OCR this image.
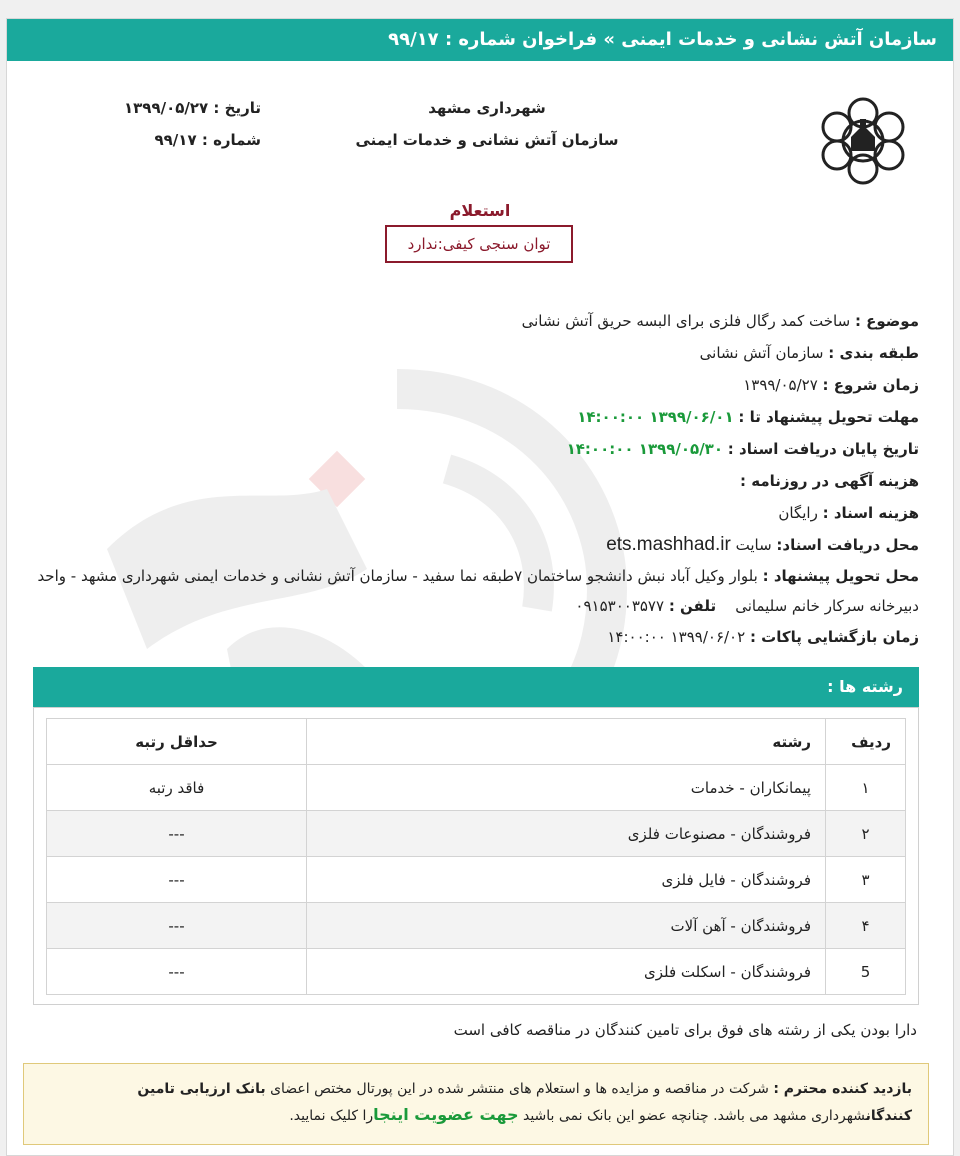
سازمان آتش نشانی و خدمات ایمنی » فراخوان شماره : ۹۹/۱۷
شهرداری مشهد
سازمان آتش نشانی و خدمات ایمنی
تاریخ : ۱۳۹۹/۰۵/۲۷
شماره : ۹۹/۱۷
استعلام
توان سنجی کیفی:ندارد
موضوع : ساخت کمد رگال فلزی برای البسه حریق آتش نشانی
طبقه بندی : سازمان آتش نشانی
زمان شروع : ۱۳۹۹/۰۵/۲۷
مهلت تحویل پیشنهاد تا : ۱۳۹۹/۰۶/۰۱ ۱۴:۰۰:۰۰
تاریخ پایان دریافت اسناد : ۱۳۹۹/۰۵/۳۰ ۱۴:۰۰:۰۰
هزینه آگهی در روزنامه :
هزینه اسناد : رایگان
محل دریافت اسناد: سایت ets.mashhad.ir
محل تحویل پیشنهاد : بلوار وکیل آباد نبش دانشجو ساختمان ۷طبقه نما سفید - سازمان آتش نشانی و خدمات ایمنی شهرداری مشهد - واحد دبیرخانه سرکار خانم سلیمانی    تلفن : ۰۹۱۵۳۰۰۳۵۷۷
زمان بازگشایی پاکات : ۱۳۹۹/۰۶/۰۲ ۱۴:۰۰:۰۰
رشته ها :
ردیف	رشته	حداقل رتبه
۱	پیمانکاران - خدمات	فاقد رتبه
۲	فروشندگان - مصنوعات فلزی	---
۳	فروشندگان - فایل فلزی	---
۴	فروشندگان - آهن آلات	---
5	فروشندگان - اسکلت فلزی	---
دارا بودن یکی از رشته های فوق برای تامین کنندگان در مناقصه کافی است
بازدید کننده محترم : شرکت در مناقصه و مزایده ها و استعلام های منتشر شده در این پورتال مختص اعضای بانک ارزیابی تامین کنندگانشهرداری مشهد می باشد. چنانچه عضو این بانک نمی باشید جهت عضویت اینجارا کلیک نمایید.
